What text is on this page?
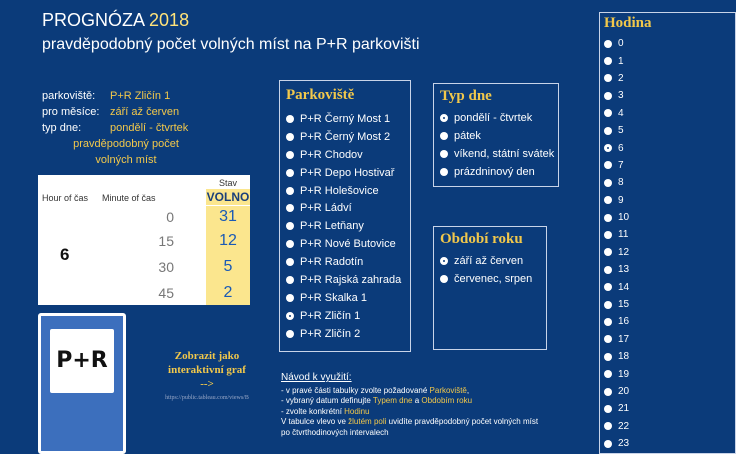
PROGNÓZA 2018
pravděpodobný počet volných míst na P+R parkovišti
parkoviště:	P+R Zličín 1
pro měsíce: září až červen
typ dne:	pondělí - čtvrtek
pravděpodobný počet
volných míst
Stav
Hour of čas Minute of čas	VOLNO
6
0	31
15	12
30	5
45	2
P+R	Zobrazit jako
interaktivní graf
-->
https://public.tableau.com/views/B
Parkoviště
P+R Černý Most 1
P+R Černý Most 2
P+R Chodov
P+R Depo Hostivař
P+R Holešovice
P+R Ládví
P+R Letňany
P+R Nové Butovice
P+R Radotín
P+R Rajská zahrada
P+R Skalka 1
P+R Zličín 1
P+R Zličín 2
Typ dne
pondělí - čtvrtek
pátek
víkend, státní svátek
prázdninový den
Období roku
září až červen
červenec, srpen
Návod k využití:
- v pravé části tabulky zvolte požadované Parkoviště,
- vybraný datum definujte Typem dne a Obdobím roku
- zvolte konkrétní Hodinu
V tabulce vlevo ve žlutém poli uvidíte pravděpodobný počet volných míst
po čtvrthodinových intervalech
Hodina
0
1
2
3
4
5
6
7
8
9
10
11
12
13
14
15
16
17
18
19
20
21
22
23
